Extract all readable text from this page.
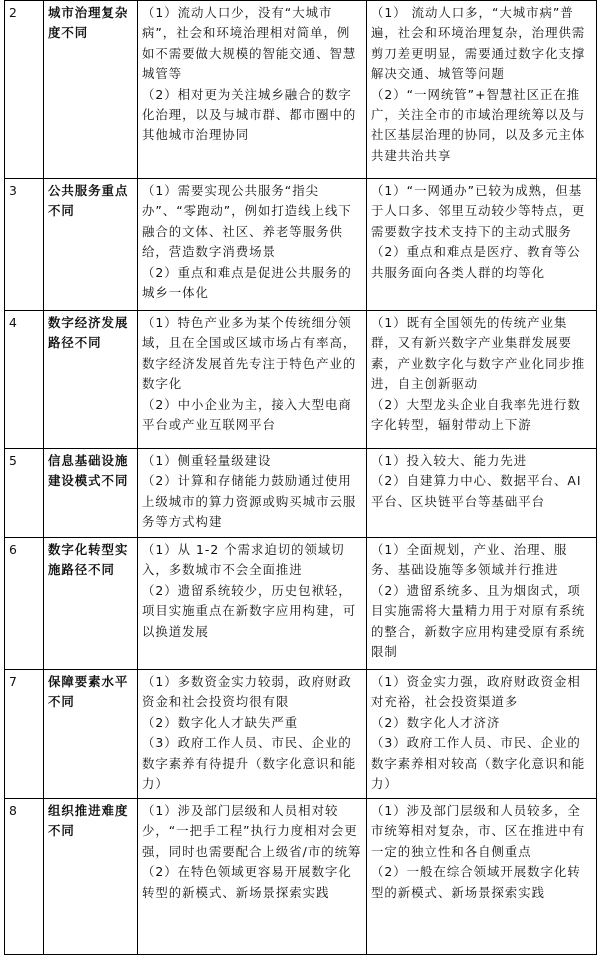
2	城市治理复杂度不同	（1）流动人口少，没有“大城市病”，社会和环境治理相对简单，例如不需要做大规模的智能交通、智慧城管等
（2）相对更为关注城乡融合的数字化治理，以及与城市群、都市圈中的其他城市治理协同	（1） 流动人口多，“大城市病”普遍，社会和环境治理复杂，治理供需剪刀差更明显，需要通过数字化支撑解决交通、城管等问题
（2）“一网统管”+智慧社区正在推广，关注全市的市域治理统筹以及与社区基层治理的协同，以及多元主体共建共治共享

3	公共服务重点不同	（1）需要实现公共服务“指尖办”、“零跑动”，例如打造线上线下融合的文体、社区、养老等服务供给，营造数字消费场景
（2）重点和难点是促进公共服务的城乡一体化	（1）“一网通办”已较为成熟，但基于人口多、邻里互动较少等特点，更需要数字技术支持下的主动式服务
（2）重点和难点是医疗、教育等公共服务面向各类人群的均等化

4	数字经济发展路径不同	（1）特色产业多为某个传统细分领域，且在全国或区域市场占有率高，数字经济发展首先专注于特色产业的数字化
（2）中小企业为主，接入大型电商平台或产业互联网平台	（1）既有全国领先的传统产业集群，又有新兴数字产业集群发展要素，产业数字化与数字产业化同步推进，自主创新驱动
（2）大型龙头企业自我率先进行数字化转型，辐射带动上下游

5	信息基础设施建设模式不同	（1）侧重轻量级建设
（2）计算和存储能力鼓励通过使用上级城市的算力资源或购买城市云服务等方式构建	（1）投入较大、能力先进
（2）自建算力中心、数据平台、AI 平台、区块链平台等基础平台

6	数字化转型实施路径不同	（1）从 1-2 个需求迫切的领域切入，多数城市不会全面推进
（2）遗留系统较少，历史包袱轻，项目实施重点在新数字应用构建，可以换道发展	（1）全面规划，产业、治理、服务、基础设施等多领域并行推进
（2）遗留系统多、且为烟囱式，项目实施需将大量精力用于对原有系统的整合，新数字应用构建受原有系统限制

7	保障要素水平不同	（1）多数资金实力较弱，政府财政资金和社会投资均很有限
（2）数字化人才缺失严重
（3）政府工作人员、市民、企业的数字素养有待提升（数字化意识和能力）	（1）资金实力强，政府财政资金相对充裕，社会投资渠道多
（2）数字化人才济济
（3）政府工作人员、市民、企业的数字素养相对较高（数字化意识和能力）

8	组织推进难度不同	（1）涉及部门层级和人员相对较少，“一把手工程”执行力度相对会更强，同时也需要配合上级省/市的统筹
（2）在特色领域更容易开展数字化转型的新模式、新场景探索实践	（1）涉及部门层级和人员较多，全市统筹相对复杂，市、区在推进中有一定的独立性和各自侧重点
（2）一般在综合领域开展数字化转型的新模式、新场景探索实践
